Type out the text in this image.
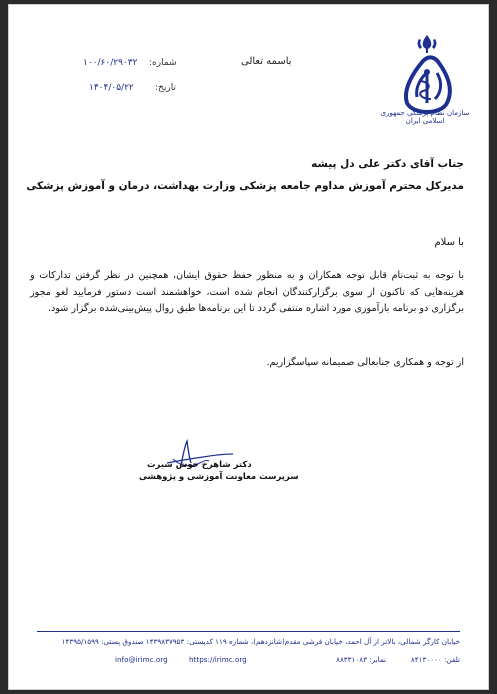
باسمه تعالی
شماره:
۱۰۰/۶۰/۲۹۰۳۲
تاریخ:
۱۴۰۴/۰۵/۲۲
سازمان نظام پزشکی جمهوری اسلامی ایران
جناب آقای دکتر علی دل پیشه
مدیرکل محترم آموزش مداوم جامعه پزشکی وزارت بهداشت، درمان و آموزش پزشکی
با سلام
با توجه به ثبت‌نام قابل توجه همکاران و به منظور حفظ حقوق ایشان، همچنین در نظر گرفتن تدارکات و هزینه‌هایی که تاکنون از سوی برگزارکنندگان انجام شده است، خواهشمند است دستور فرمایید لغو مجوز برگزاری دو برنامه بازآموزی مورد اشاره منتفی گردد تا این برنامه‌ها طبق روال پیش‌بینی‌شده برگزار شود.
از توجه و همکاری جنابعالی صمیمانه سپاسگزاریم.
دکتر شاهرخ خوش سیرت
سرپرست معاونت آموزشی و پژوهشی
خیابان کارگر شمالی، بالاتر از آل احمد، خیابان فرشی مقدم(شانزدهم)، شماره ۱۱۹ کدپستی: ۱۴۳۹۸۳۷۹۵۳ صندوق پستی: ۱۴۳۹۵/۱۵۹۹
تلفن: ۸۴۱۳۰۰۰۰
نمابر: ۸۸۳۳۱۰۸۳
https://irimc.org
info@irimc.org
